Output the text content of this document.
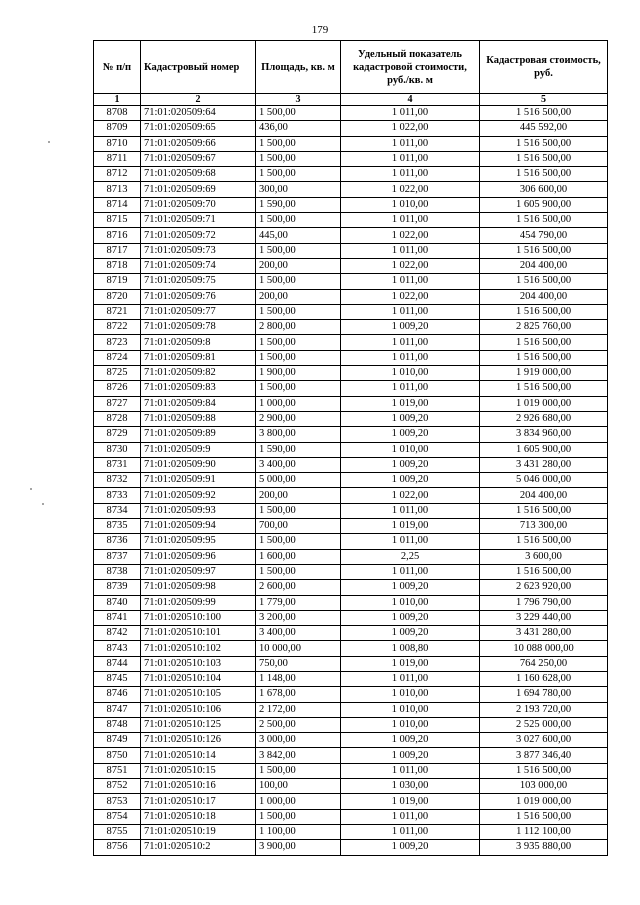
179
№ п/п	Кадастровый номер	Площадь, кв. м	Удельный показатель кадастровой стоимости, руб./кв. м	Кадастровая стоимость, руб.
1	2	3	4	5
8708	71:01:020509:64	1 500,00	1 011,00	1 516 500,00
8709	71:01:020509:65	436,00	1 022,00	445 592,00
8710	71:01:020509:66	1 500,00	1 011,00	1 516 500,00
8711	71:01:020509:67	1 500,00	1 011,00	1 516 500,00
8712	71:01:020509:68	1 500,00	1 011,00	1 516 500,00
8713	71:01:020509:69	300,00	1 022,00	306 600,00
8714	71:01:020509:70	1 590,00	1 010,00	1 605 900,00
8715	71:01:020509:71	1 500,00	1 011,00	1 516 500,00
8716	71:01:020509:72	445,00	1 022,00	454 790,00
8717	71:01:020509:73	1 500,00	1 011,00	1 516 500,00
8718	71:01:020509:74	200,00	1 022,00	204 400,00
8719	71:01:020509:75	1 500,00	1 011,00	1 516 500,00
8720	71:01:020509:76	200,00	1 022,00	204 400,00
8721	71:01:020509:77	1 500,00	1 011,00	1 516 500,00
8722	71:01:020509:78	2 800,00	1 009,20	2 825 760,00
8723	71:01:020509:8	1 500,00	1 011,00	1 516 500,00
8724	71:01:020509:81	1 500,00	1 011,00	1 516 500,00
8725	71:01:020509:82	1 900,00	1 010,00	1 919 000,00
8726	71:01:020509:83	1 500,00	1 011,00	1 516 500,00
8727	71:01:020509:84	1 000,00	1 019,00	1 019 000,00
8728	71:01:020509:88	2 900,00	1 009,20	2 926 680,00
8729	71:01:020509:89	3 800,00	1 009,20	3 834 960,00
8730	71:01:020509:9	1 590,00	1 010,00	1 605 900,00
8731	71:01:020509:90	3 400,00	1 009,20	3 431 280,00
8732	71:01:020509:91	5 000,00	1 009,20	5 046 000,00
8733	71:01:020509:92	200,00	1 022,00	204 400,00
8734	71:01:020509:93	1 500,00	1 011,00	1 516 500,00
8735	71:01:020509:94	700,00	1 019,00	713 300,00
8736	71:01:020509:95	1 500,00	1 011,00	1 516 500,00
8737	71:01:020509:96	1 600,00	2,25	3 600,00
8738	71:01:020509:97	1 500,00	1 011,00	1 516 500,00
8739	71:01:020509:98	2 600,00	1 009,20	2 623 920,00
8740	71:01:020509:99	1 779,00	1 010,00	1 796 790,00
8741	71:01:020510:100	3 200,00	1 009,20	3 229 440,00
8742	71:01:020510:101	3 400,00	1 009,20	3 431 280,00
8743	71:01:020510:102	10 000,00	1 008,80	10 088 000,00
8744	71:01:020510:103	750,00	1 019,00	764 250,00
8745	71:01:020510:104	1 148,00	1 011,00	1 160 628,00
8746	71:01:020510:105	1 678,00	1 010,00	1 694 780,00
8747	71:01:020510:106	2 172,00	1 010,00	2 193 720,00
8748	71:01:020510:125	2 500,00	1 010,00	2 525 000,00
8749	71:01:020510:126	3 000,00	1 009,20	3 027 600,00
8750	71:01:020510:14	3 842,00	1 009,20	3 877 346,40
8751	71:01:020510:15	1 500,00	1 011,00	1 516 500,00
8752	71:01:020510:16	100,00	1 030,00	103 000,00
8753	71:01:020510:17	1 000,00	1 019,00	1 019 000,00
8754	71:01:020510:18	1 500,00	1 011,00	1 516 500,00
8755	71:01:020510:19	1 100,00	1 011,00	1 112 100,00
8756	71:01:020510:2	3 900,00	1 009,20	3 935 880,00
